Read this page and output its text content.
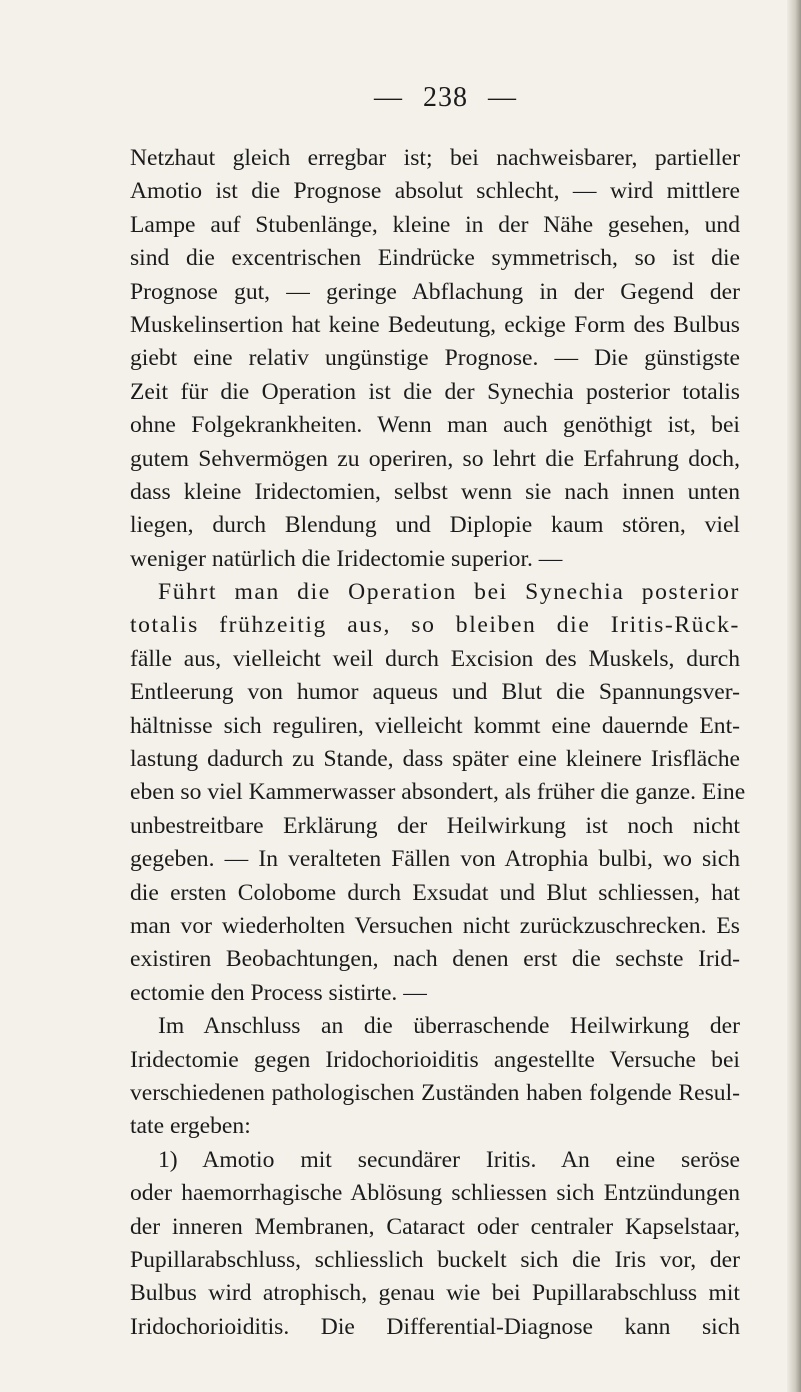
— 238 —
Netzhaut gleich erregbar ist; bei nachweisbarer, partieller
Amotio ist die Prognose absolut schlecht, — wird mittlere
Lampe auf Stubenlänge, kleine in der Nähe gesehen, und
sind die excentrischen Eindrücke symmetrisch, so ist die
Prognose gut, — geringe Abflachung in der Gegend der
Muskelinsertion hat keine Bedeutung, eckige Form des Bulbus
giebt eine relativ ungünstige Prognose. — Die günstigste
Zeit für die Operation ist die der Synechia posterior totalis
ohne Folgekrankheiten. Wenn man auch genöthigt ist, bei
gutem Sehvermögen zu operiren, so lehrt die Erfahrung doch,
dass kleine Iridectomien, selbst wenn sie nach innen unten
liegen, durch Blendung und Diplopie kaum stören, viel
weniger natürlich die Iridectomie superior. —
Führt man die Operation bei Synechia posterior
totalis frühzeitig aus, so bleiben die Iritis-Rück-
fälle aus, vielleicht weil durch Excision des Muskels, durch
Entleerung von humor aqueus und Blut die Spannungsver-
hältnisse sich reguliren, vielleicht kommt eine dauernde Ent-
lastung dadurch zu Stande, dass später eine kleinere Irisfläche
eben so viel Kammerwasser absondert, als früher die ganze. Eine
unbestreitbare Erklärung der Heilwirkung ist noch nicht
gegeben. — In veralteten Fällen von Atrophia bulbi, wo sich
die ersten Colobome durch Exsudat und Blut schliessen, hat
man vor wiederholten Versuchen nicht zurückzuschrecken. Es
existiren Beobachtungen, nach denen erst die sechste Irid-
ectomie den Process sistirte. —
Im Anschluss an die überraschende Heilwirkung der
Iridectomie gegen Iridochorioiditis angestellte Versuche bei
verschiedenen pathologischen Zuständen haben folgende Resul-
tate ergeben:
1) Amotio mit secundärer Iritis. An eine seröse
oder haemorrhagische Ablösung schliessen sich Entzündungen
der inneren Membranen, Cataract oder centraler Kapselstaar,
Pupillarabschluss, schliesslich buckelt sich die Iris vor, der
Bulbus wird atrophisch, genau wie bei Pupillarabschluss mit
Iridochorioiditis. Die Differential-Diagnose kann sich
